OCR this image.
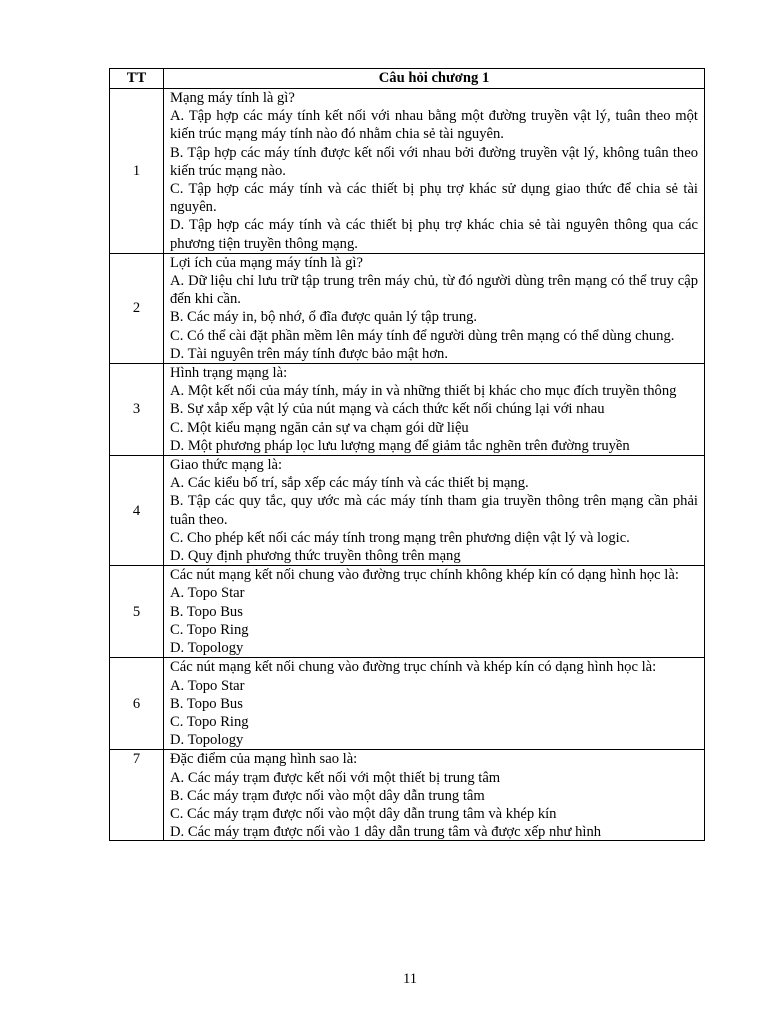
TT	Câu hỏi chương 1
1	Mạng máy tính là gì?
A. Tập hợp các máy tính kết nối với nhau bằng một đường truyền vật lý, tuân theo một kiến trúc mạng máy tính nào đó nhằm chia sẻ tài nguyên.
B. Tập hợp các máy tính được kết nối với nhau bởi đường truyền vật lý, không tuân theo kiến trúc mạng nào.
C. Tập hợp các máy tính và các thiết bị phụ trợ khác sử dụng giao thức để chia sẻ tài nguyên.
D. Tập hợp các máy tính và các thiết bị phụ trợ khác chia sẻ tài nguyên thông qua các phương tiện truyền thông mạng.

2	Lợi ích của mạng máy tính là gì?
A. Dữ liệu chỉ lưu trữ tập trung trên máy chủ, từ đó người dùng trên mạng có thể truy cập đến khi cần.
B. Các máy in, bộ nhớ, ổ đĩa được quản lý tập trung.
C. Có thể cài đặt phần mềm lên máy tính để người dùng trên mạng có thể dùng chung.
D. Tài nguyên trên máy tính được bảo mật hơn.

3	Hình trạng mạng là:
A. Một kết nối của máy tính, máy in và những thiết bị khác cho mục đích truyền thông
B. Sự xắp xếp vật lý của nút mạng và cách thức kết nối chúng lại với nhau
C. Một kiểu mạng ngăn cản sự va chạm gói dữ liệu
D. Một phương pháp lọc lưu lượng mạng để giảm tắc nghẽn trên đường truyền

4	Giao thức mạng là:
A. Các kiểu bố trí, sắp xếp các máy tính và các thiết bị mạng.
B. Tập các quy tắc, quy ước mà các máy tính tham gia truyền thông trên mạng cần phải tuân theo.
C. Cho phép kết nối các máy tính trong mạng trên phương diện vật lý và logic.
D. Quy định phương thức truyền thông trên mạng

5	Các nút mạng kết nối chung vào đường trục chính không khép kín có dạng hình học là:
A. Topo Star
B. Topo Bus
C. Topo Ring
D. Topology

6	Các nút mạng kết nối chung vào đường trục chính và khép kín có dạng hình học là:
A. Topo Star
B. Topo Bus
C. Topo Ring
D. Topology

7	Đặc điểm của mạng hình sao là:
A. Các máy trạm được kết nối với một thiết bị trung tâm
B. Các máy trạm được nối vào một dây dẫn trung tâm
C. Các máy trạm được nối vào một dây dẫn trung tâm và khép kín
D. Các máy trạm được nối vào 1 dây dẫn trung tâm và được xếp như hình
11
